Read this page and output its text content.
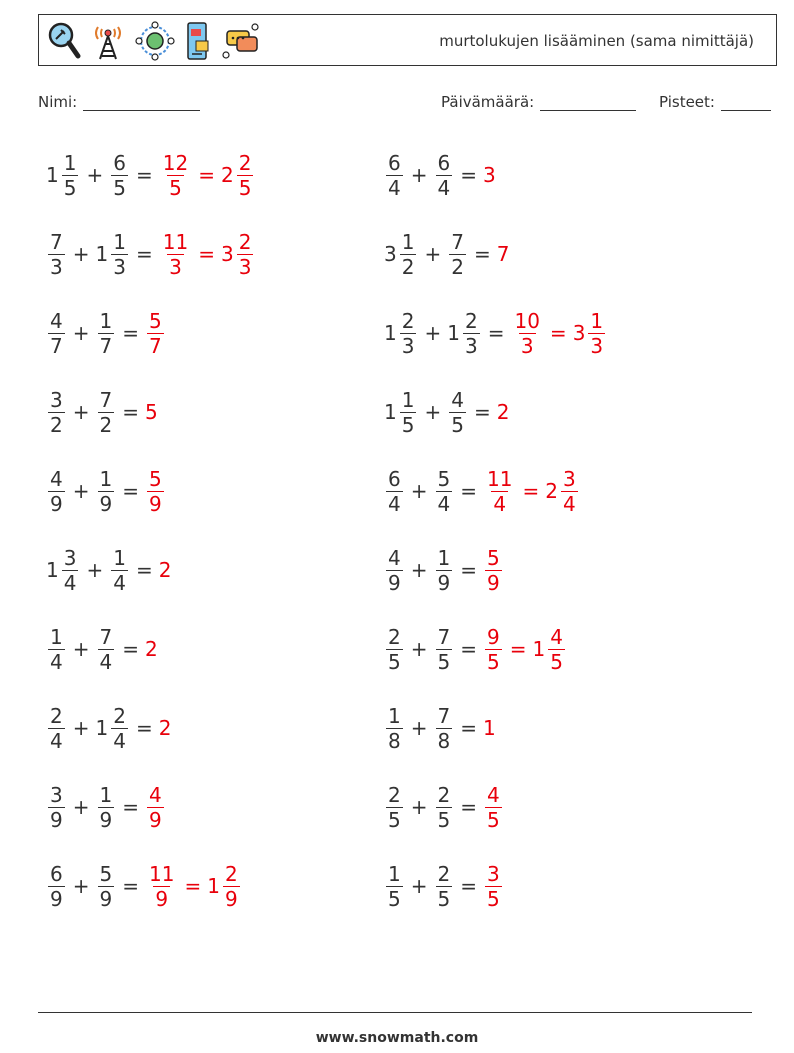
murtolukujen lisääminen (sama nimittäjä)
Nimi:	Päivämäärä:	Pisteet:
$1 \frac{1}{5} + \frac{6}{5} = \frac{12}{5} = 2 \frac{2}{5}$
$\frac{7}{3} + 1 \frac{1}{3} = \frac{11}{3} = 3 \frac{2}{3}$
$\frac{4}{7} + \frac{1}{7} = \frac{5}{7}$
$\frac{3}{2} + \frac{7}{2} = 5$
$\frac{4}{9} + \frac{1}{9} = \frac{5}{9}$
$1 \frac{3}{4} + \frac{1}{4} = 2$
$\frac{1}{4} + \frac{7}{4} = 2$
$\frac{2}{4} + 1 \frac{2}{4} = 2$
$\frac{3}{9} + \frac{1}{9} = \frac{4}{9}$
$\frac{6}{9} + \frac{5}{9} = \frac{11}{9} = 1 \frac{2}{9}$
$\frac{6}{4} + \frac{6}{4} = 3$
$3 \frac{1}{2} + \frac{7}{2} = 7$
$1 \frac{2}{3} + 1 \frac{2}{3} = \frac{10}{3} = 3 \frac{1}{3}$
$1 \frac{1}{5} + \frac{4}{5} = 2$
$\frac{6}{4} + \frac{5}{4} = \frac{11}{4} = 2 \frac{3}{4}$
$\frac{4}{9} + \frac{1}{9} = \frac{5}{9}$
$\frac{2}{5} + \frac{7}{5} = \frac{9}{5} = 1 \frac{4}{5}$
$\frac{1}{8} + \frac{7}{8} = 1$
$\frac{2}{5} + \frac{2}{5} = \frac{4}{5}$
$\frac{1}{5} + \frac{2}{5} = \frac{3}{5}$
www.snowmath.com
